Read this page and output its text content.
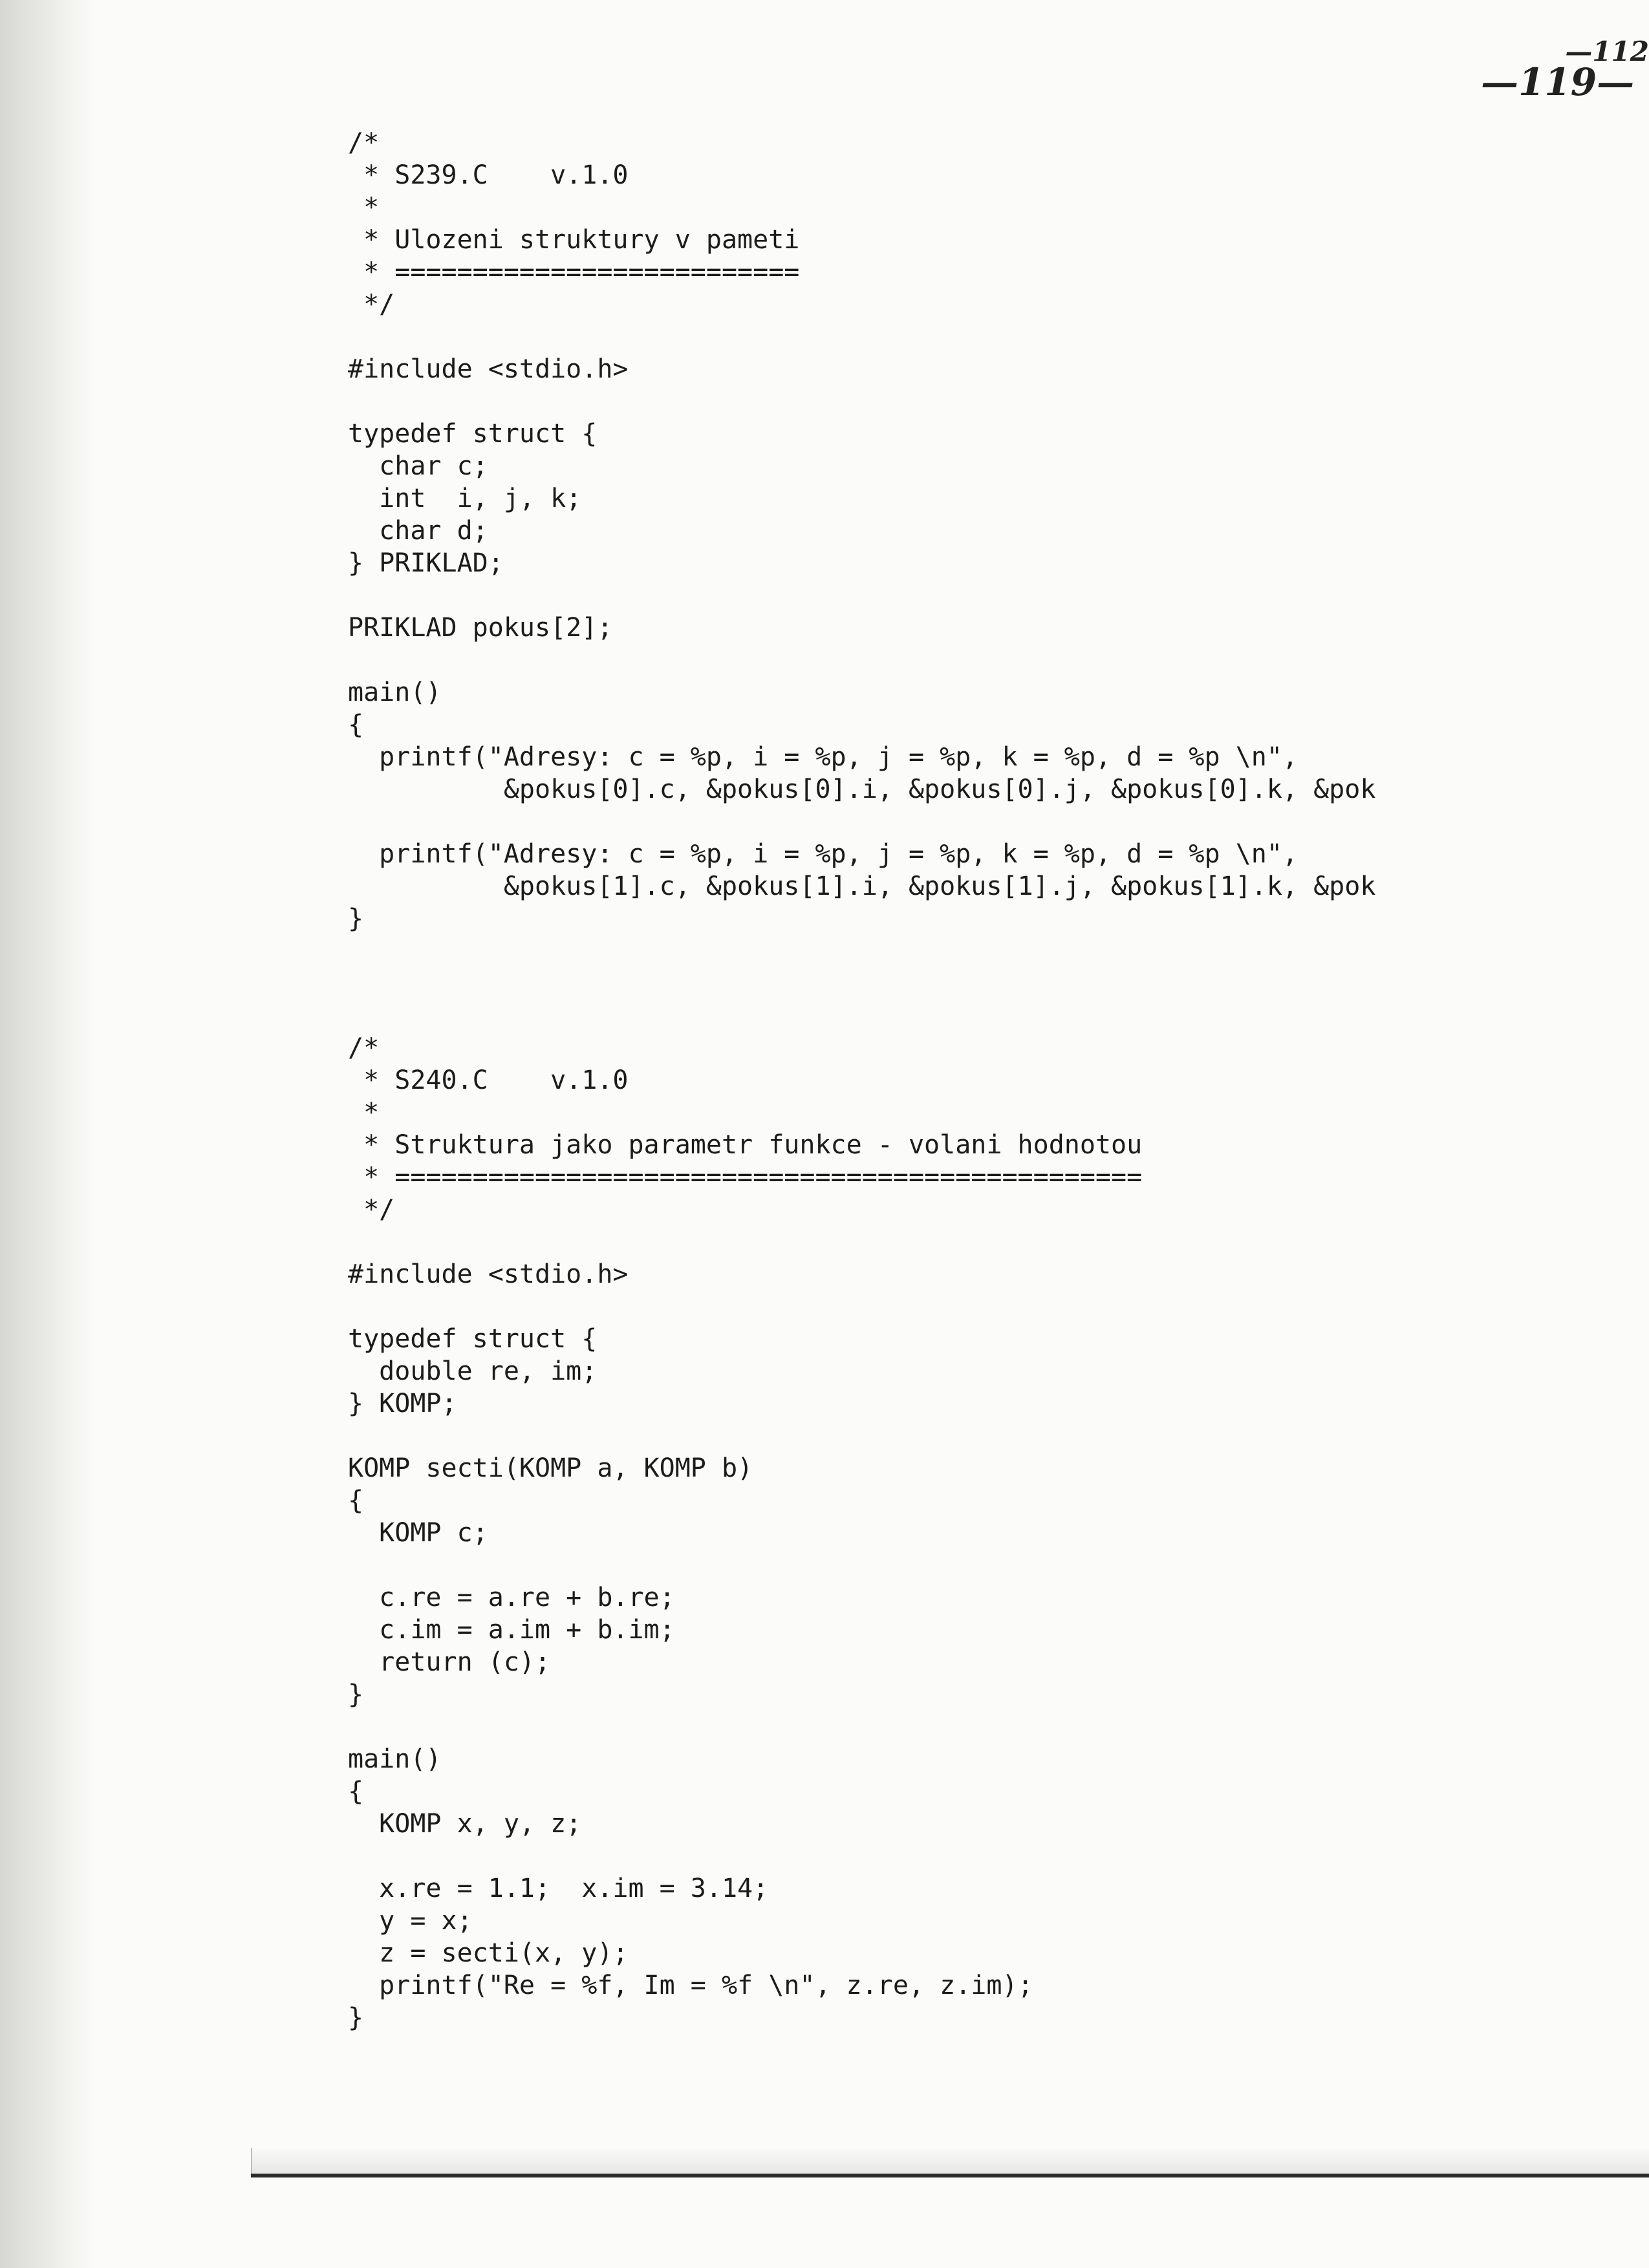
—112
—119—
/*
* S239.C    v.1.0
*
* Ulozeni struktury v pameti
* ==========================
*/

#include <stdio.h>

typedef struct {
char c;
int  i, j, k;
char d;
} PRIKLAD;

PRIKLAD pokus[2];

main()
{
printf("Adresy: c = %p, i = %p, j = %p, k = %p, d = %p \n",
&pokus[0].c, &pokus[0].i, &pokus[0].j, &pokus[0].k, &pok

printf("Adresy: c = %p, i = %p, j = %p, k = %p, d = %p \n",
&pokus[1].c, &pokus[1].i, &pokus[1].j, &pokus[1].k, &pok
}
/*
* S240.C    v.1.0
*
* Struktura jako parametr funkce - volani hodnotou
* ================================================
*/

#include <stdio.h>

typedef struct {
double re, im;
} KOMP;

KOMP secti(KOMP a, KOMP b)
{
KOMP c;

c.re = a.re + b.re;
c.im = a.im + b.im;
return (c);
}

main()
{
KOMP x, y, z;

x.re = 1.1;  x.im = 3.14;
y = x;
z = secti(x, y);
printf("Re = %f, Im = %f \n", z.re, z.im);
}
